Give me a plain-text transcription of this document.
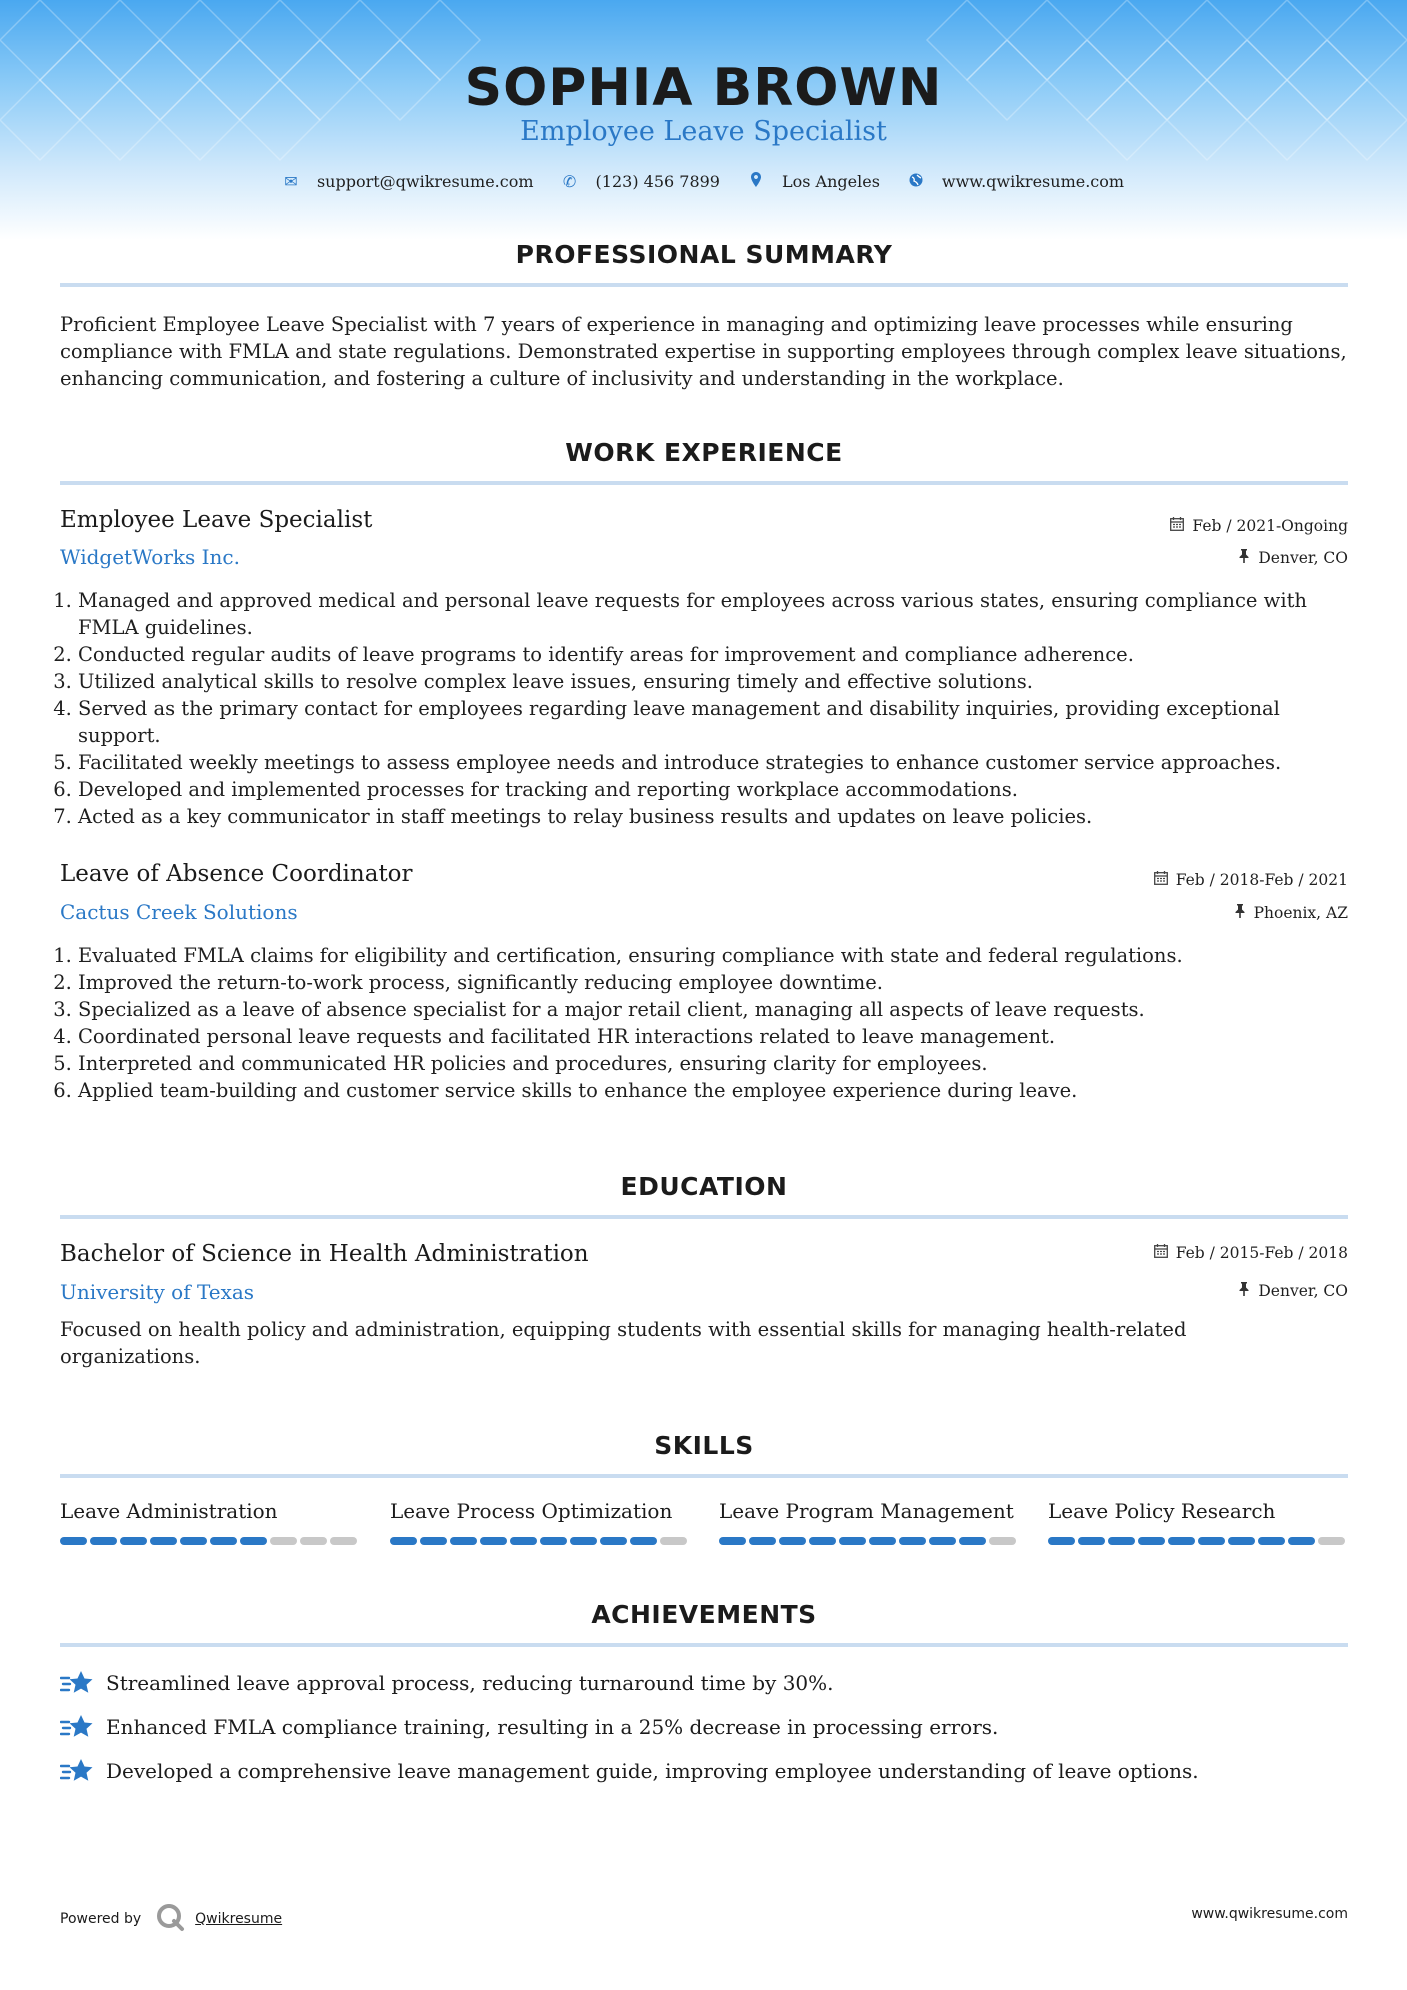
SOPHIA BROWN
Employee Leave Specialist
✉ support@qwikresume.com ✆ (123) 456 7899	Los Angeles	www.qwikresume.com
PROFESSIONAL SUMMARY
Proficient Employee Leave Specialist with 7 years of experience in managing and optimizing leave processes while ensuring compliance with FMLA and state regulations. Demonstrated expertise in supporting employees through complex leave situations, enhancing communication, and fostering a culture of inclusivity and understanding in the workplace.
WORK EXPERIENCE
Employee Leave Specialist	Feb / 2021-Ongoing
WidgetWorks Inc.	Denver, CO
1. Managed and approved medical and personal leave requests for employees across various states, ensuring compliance with FMLA guidelines.
2. Conducted regular audits of leave programs to identify areas for improvement and compliance adherence.
3. Utilized analytical skills to resolve complex leave issues, ensuring timely and effective solutions.
4. Served as the primary contact for employees regarding leave management and disability inquiries, providing exceptional support.
5. Facilitated weekly meetings to assess employee needs and introduce strategies to enhance customer service approaches.
6. Developed and implemented processes for tracking and reporting workplace accommodations.
7. Acted as a key communicator in staff meetings to relay business results and updates on leave policies.
Leave of Absence Coordinator	Feb / 2018-Feb / 2021
Cactus Creek Solutions	Phoenix, AZ
1. Evaluated FMLA claims for eligibility and certification, ensuring compliance with state and federal regulations.
2. Improved the return-to-work process, significantly reducing employee downtime.
3. Specialized as a leave of absence specialist for a major retail client, managing all aspects of leave requests.
4. Coordinated personal leave requests and facilitated HR interactions related to leave management.
5. Interpreted and communicated HR policies and procedures, ensuring clarity for employees.
6. Applied team-building and customer service skills to enhance the employee experience during leave.
EDUCATION
Bachelor of Science in Health Administration	Feb / 2015-Feb / 2018
University of Texas	Denver, CO
Focused on health policy and administration, equipping students with essential skills for managing health-related organizations.
SKILLS
Leave Administration	Leave Process Optimization	Leave Program Management Leave Policy Research
ACHIEVEMENTS
Streamlined leave approval process, reducing turnaround time by 30%.
Enhanced FMLA compliance training, resulting in a 25% decrease in processing errors.
Developed a comprehensive leave management guide, improving employee understanding of leave options.
Powered by	Qwikresume	www.qwikresume.com
